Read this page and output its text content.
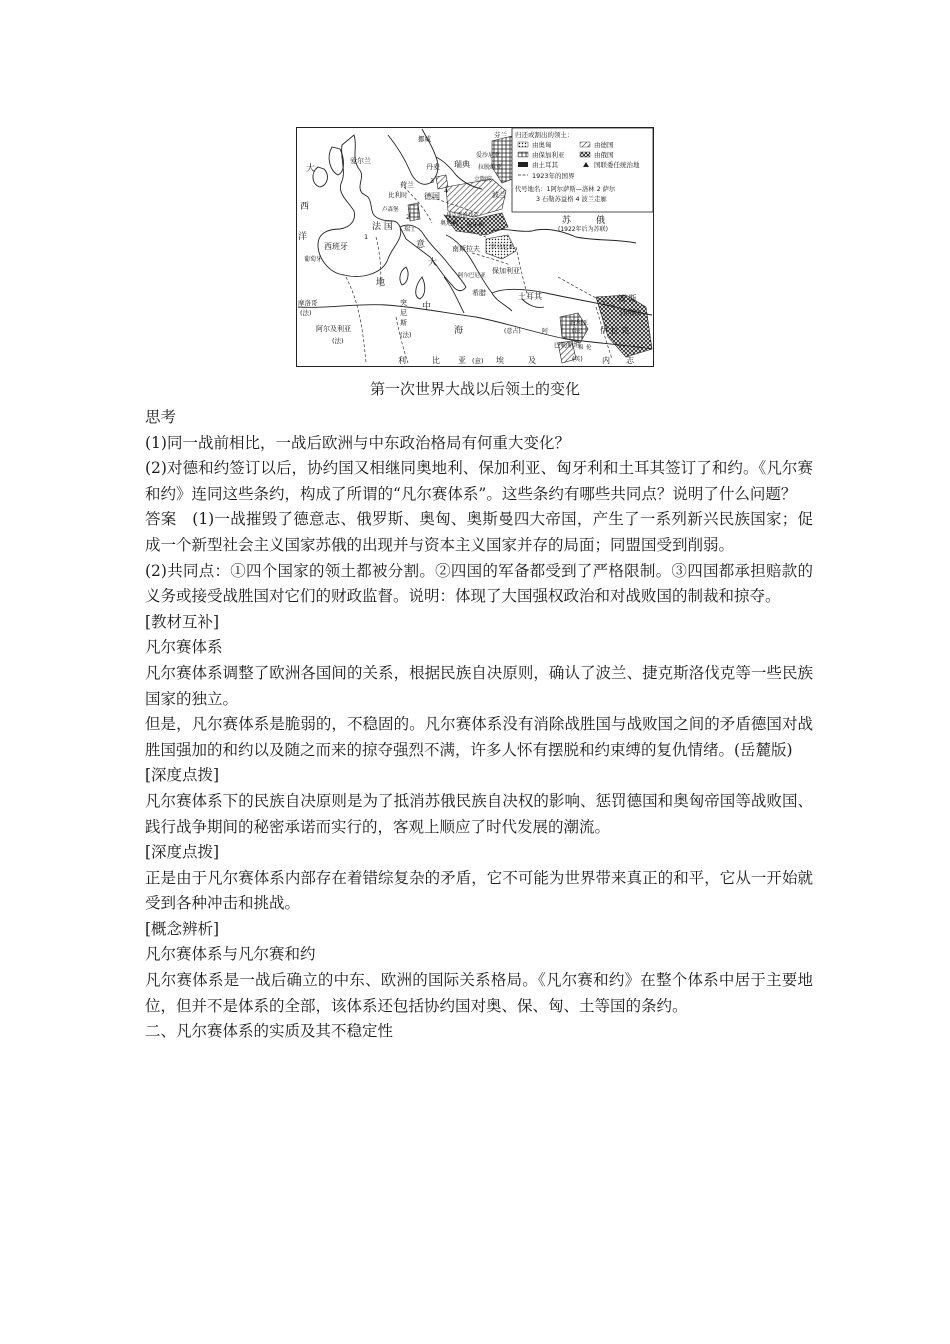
归还或割出的领土：
由奥匈	由德国
由保加利亚	由俄国
由土耳其	国联委任统治地
1923年的国界
代号地名：1阿尔萨斯—洛林 2 萨尔
3 石勒苏益格 4 波兰走廊
大
西
洋
爱尔兰
挪威
瑞典
芬兰
爱沙尼亚
拉脱维亚
立陶宛
丹麦
荷兰
比利时
卢森堡
德国	波兰
法 国 瑞士
意
大
奥地利
捷克斯洛伐克
匈牙利
罗马尼亚
南斯拉夫
保加利亚
阿尔巴尼亚
希腊
西班牙
葡萄牙
苏	俄
(1922年后为苏联)
土耳其	波 斯
(伊朗)
伊 拉 克
叙利亚
(法)
巴勒斯坦
(英)
摩洛哥
(法)
阿尔及利亚
(法)
突
尼
斯
(法)
地
中
海
利	比 亚 (意) 埃	及	内 志
(意占)	阿
梅 伦
1
2
3
4
第一次世界大战以后领土的变化

思考

(1)同一战前相比，一战后欧洲与中东政治格局有何重大变化？

(2)对德和约签订以后，协约国又相继同奥地利、保加利亚、匈牙利和土耳其签订了和约。《凡尔赛和约》连同这些条约，构成了所谓的“凡尔赛体系”。这些条约有哪些共同点？说明了什么问题？

答案　(1)一战摧毁了德意志、俄罗斯、奥匈、奥斯曼四大帝国，产生了一系列新兴民族国家；促成一个新型社会主义国家苏俄的出现并与资本主义国家并存的局面；同盟国受到削弱。

(2)共同点：①四个国家的领土都被分割。②四国的军备都受到了严格限制。③四国都承担赔款的义务或接受战胜国对它们的财政监督。说明：体现了大国强权政治和对战败国的制裁和掠夺。

[教材互补]

凡尔赛体系

凡尔赛体系调整了欧洲各国间的关系，根据民族自决原则，确认了波兰、捷克斯洛伐克等一些民族国家的独立。

但是，凡尔赛体系是脆弱的，不稳固的。凡尔赛体系没有消除战胜国与战败国之间的矛盾德国对战胜国强加的和约以及随之而来的掠夺强烈不满，许多人怀有摆脱和约束缚的复仇情绪。(岳麓版)

[深度点拨]

凡尔赛体系下的民族自决原则是为了抵消苏俄民族自决权的影响、惩罚德国和奥匈帝国等战败国、践行战争期间的秘密承诺而实行的，客观上顺应了时代发展的潮流。

[深度点拨]

正是由于凡尔赛体系内部存在着错综复杂的矛盾，它不可能为世界带来真正的和平，它从一开始就受到各种冲击和挑战。

[概念辨析]

凡尔赛体系与凡尔赛和约

凡尔赛体系是一战后确立的中东、欧洲的国际关系格局。《凡尔赛和约》在整个体系中居于主要地位，但并不是体系的全部，该体系还包括协约国对奥、保、匈、土等国的条约。

二、凡尔赛体系的实质及其不稳定性
